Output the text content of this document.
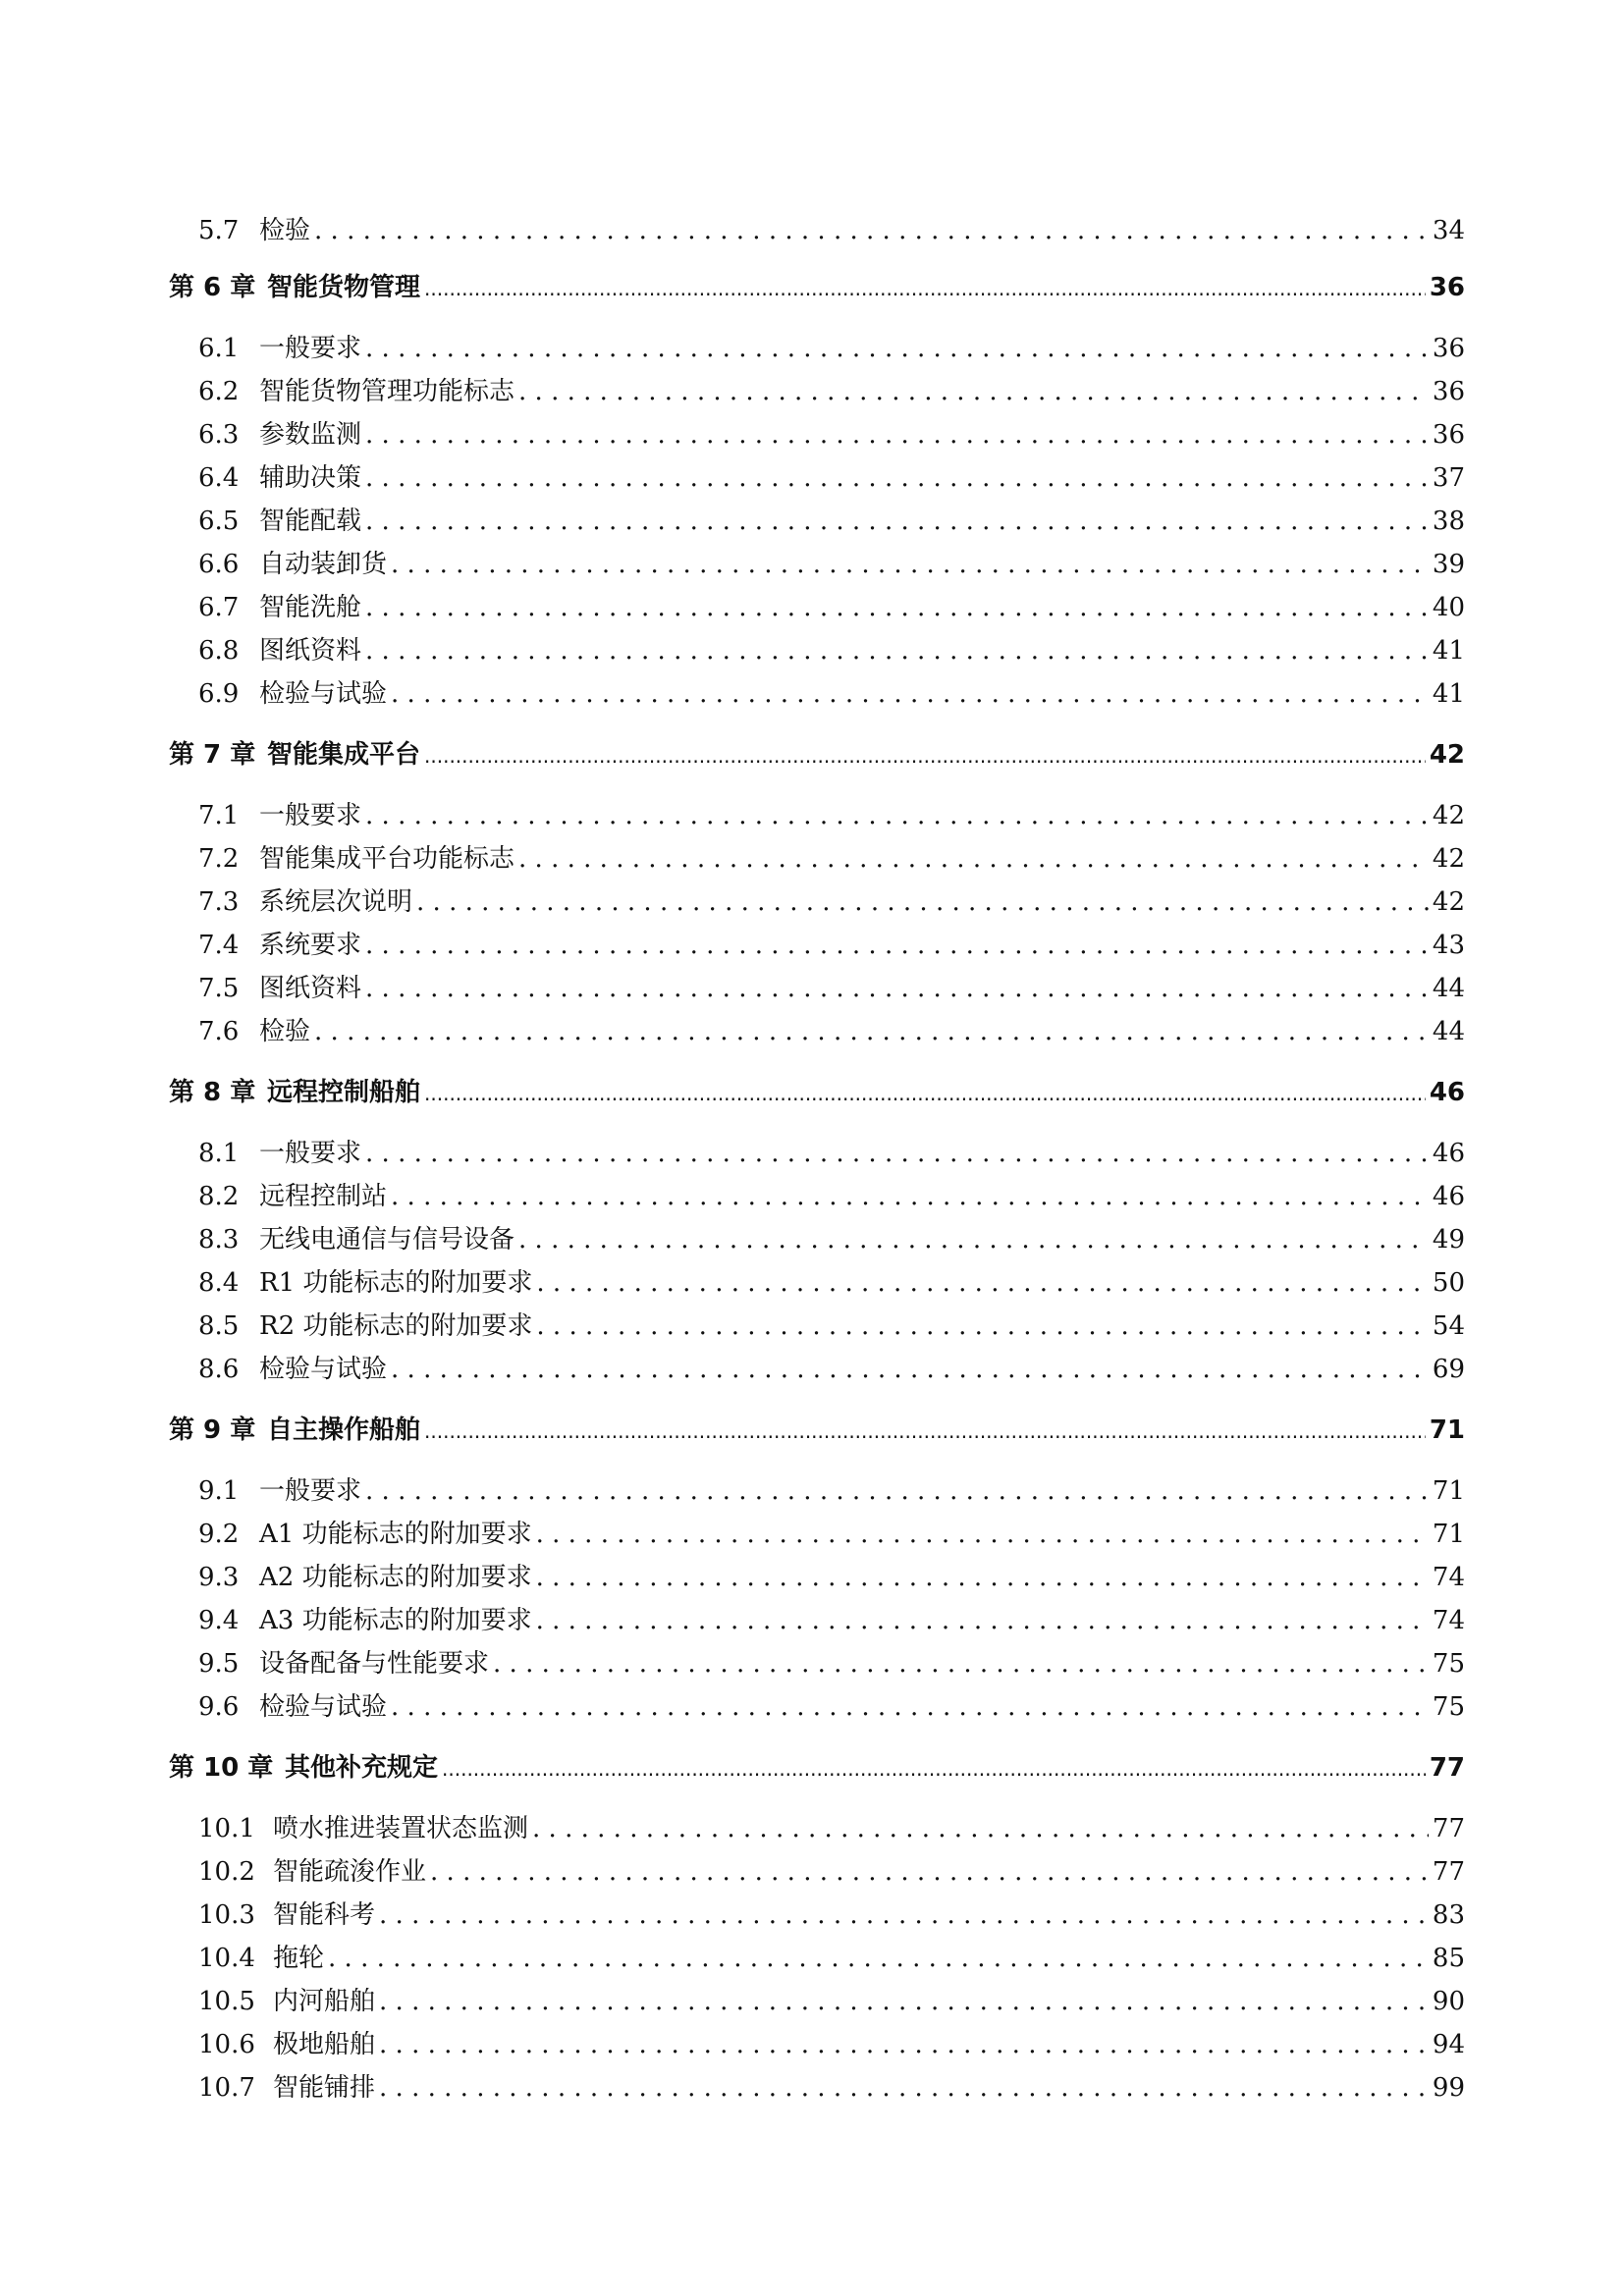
5.7 检验 . . .	34
第 6 章 智能货物管理 .....	36
6.1 一般要求 . . .	36
6.2 智能货物管理功能标志 . . .	36
6.3 参数监测 . . .	36
6.4 辅助决策 . . .	37
6.5 智能配载 . . .	38
6.6 自动装卸货 . . .	39
6.7 智能洗舱 . . .	40
6.8 图纸资料 . . .	41
6.9 检验与试验 . . .	41
第 7 章 智能集成平台 .....	42
7.1 一般要求 . . .	42
7.2 智能集成平台功能标志 . . .	42
7.3 系统层次说明 . . .	42
7.4 系统要求 . . .	43
7.5 图纸资料 . . .	44
7.6 检验 . . .	44
第 8 章 远程控制船舶 .....	46
8.1 一般要求 . . .	46
8.2 远程控制站 . . .	46
8.3 无线电通信与信号设备 . . .	49
8.4 R1 功能标志的附加要求 . . .	50
8.5 R2 功能标志的附加要求 . . .	54
8.6 检验与试验 . . .	69
第 9 章 自主操作船舶 .....	71
9.1 一般要求 . . .	71
9.2 A1 功能标志的附加要求 . . .	71
9.3 A2 功能标志的附加要求 . . .	74
9.4 A3 功能标志的附加要求 . . .	74
9.5 设备配备与性能要求 . . .	75
9.6 检验与试验 . . .	75
第 10 章 其他补充规定 .....	77
10.1 喷水推进装置状态监测 . . .	77
10.2 智能疏浚作业 . . .	77
10.3 智能科考 . . .	83
10.4 拖轮 . . .	85
10.5 内河船舶 . . .	90
10.6 极地船舶 . . .	94
10.7 智能铺排 . . .	99
